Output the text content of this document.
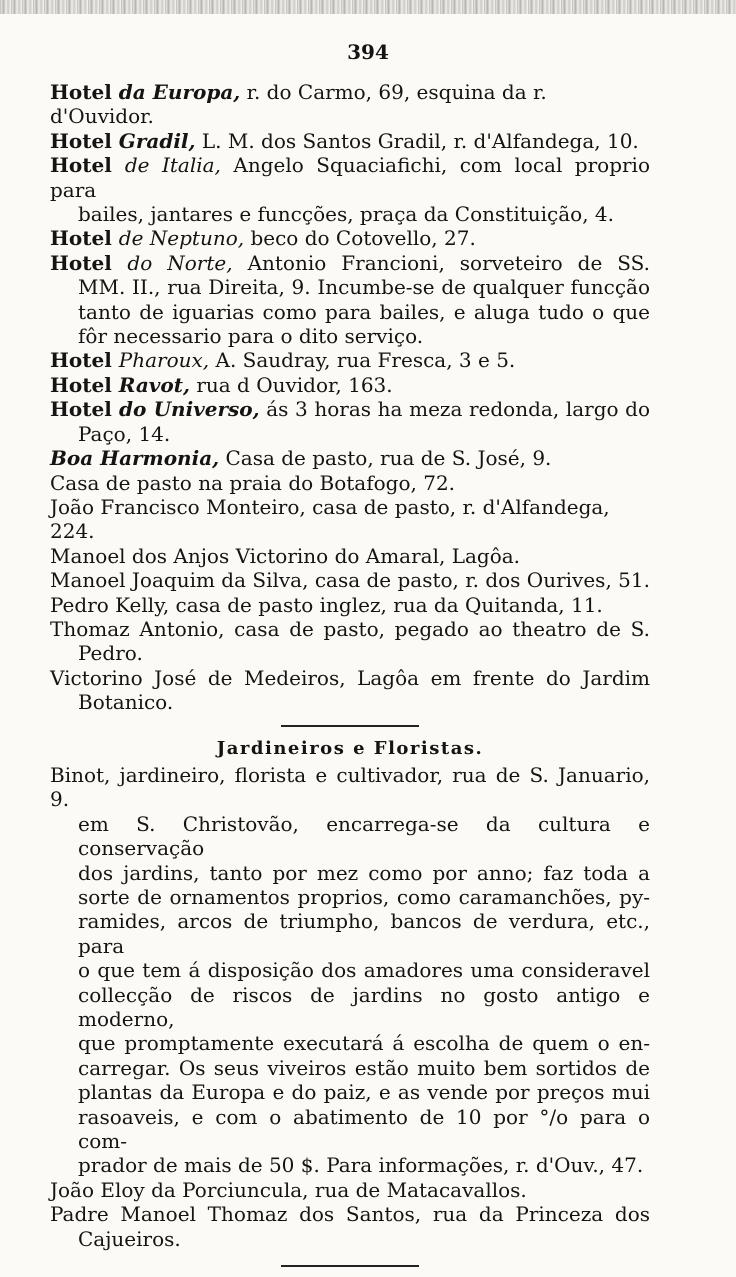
394
Hotel da Europa, r. do Carmo, 69, esquina da r. d'Ouvidor.
Hotel Gradil, L. M. dos Santos Gradil, r. d'Alfandega, 10.
Hotel de Italia, Angelo Squaciafichi, com local proprio para
bailes, jantares e funcções, praça da Constituição, 4.
Hotel de Neptuno, beco do Cotovello, 27.
Hotel do Norte, Antonio Francioni, sorveteiro de SS.
MM. II., rua Direita, 9. Incumbe-se de qualquer funcção
tanto de iguarias como para bailes, e aluga tudo o que
fôr necessario para o dito serviço.
Hotel Pharoux, A. Saudray, rua Fresca, 3 e 5.
Hotel Ravot, rua d Ouvidor, 163.
Hotel do Universo, ás 3 horas ha meza redonda, largo do
Paço, 14.
Boa Harmonia, Casa de pasto, rua de S. José, 9.
Casa de pasto na praia do Botafogo, 72.
João Francisco Monteiro, casa de pasto, r. d'Alfandega, 224.
Manoel dos Anjos Victorino do Amaral, Lagôa.
Manoel Joaquim da Silva, casa de pasto, r. dos Ourives, 51.
Pedro Kelly, casa de pasto inglez, rua da Quitanda, 11.
Thomaz Antonio, casa de pasto, pegado ao theatro de S.
Pedro.
Victorino José de Medeiros, Lagôa em frente do Jardim
Botanico.
Jardineiros e Floristas.
Binot, jardineiro, florista e cultivador, rua de S. Januario, 9.
em S. Christovão, encarrega-se da cultura e conservação
dos jardins, tanto por mez como por anno; faz toda a
sorte de ornamentos proprios, como caramanchões, py-
ramides, arcos de triumpho, bancos de verdura, etc., para
o que tem á disposição dos amadores uma consideravel
collecção de riscos de jardins no gosto antigo e moderno,
que promptamente executará á escolha de quem o en-
carregar. Os seus viveiros estão muito bem sortidos de
plantas da Europa e do paiz, e as vende por preços mui
rasoaveis, e com o abatimento de 10 por °/o para o com-
prador de mais de 50 $. Para informações, r. d'Ouv., 47.
João Eloy da Porciuncula, rua de Matacavallos.
Padre Manoel Thomaz dos Santos, rua da Princeza dos
Cajueiros.
